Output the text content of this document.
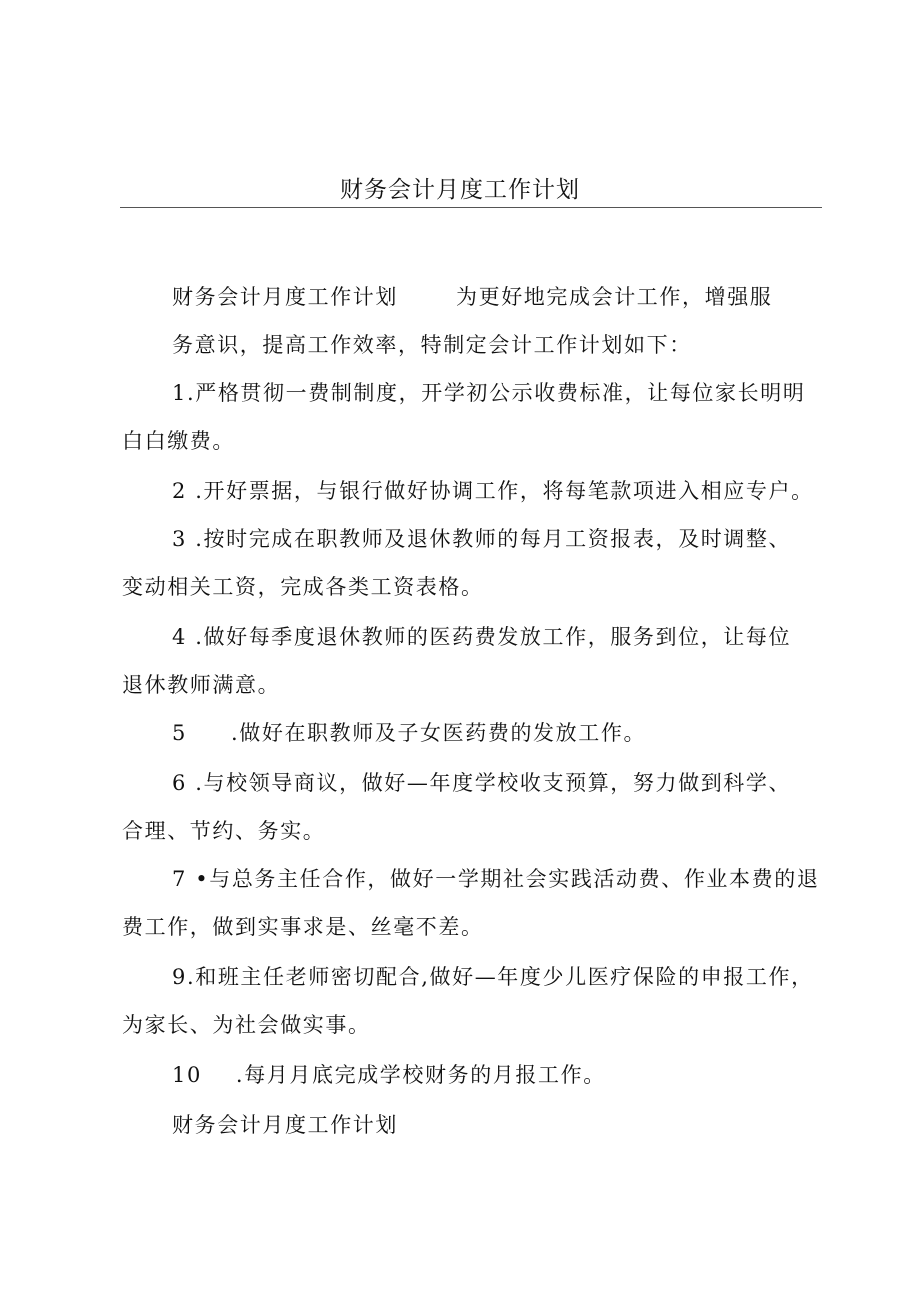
财务会计月度工作计划
财务会计月度工作计划	为更好地完成会计工作，增强服
务意识，提高工作效率，特制定会计工作计划如下：
1.严格贯彻一费制制度，开学初公示收费标准，让每位家长明明
白白缴费。
2 .开好票据，与银行做好协调工作，将每笔款项进入相应专户。
3 .按时完成在职教师及退休教师的每月工资报表，及时调整、
变动相关工资，完成各类工资表格。
4 .做好每季度退休教师的医药费发放工作，服务到位，让每位
退休教师满意。
5 .做好在职教师及子女医药费的发放工作。
6 .与校领导商议，做好—年度学校收支预算，努力做到科学、
合理、节约、务实。
7 •与总务主任合作，做好一学期社会实践活动费、作业本费的退
费工作，做到实事求是、丝毫不差。
9.和班主任老师密切配合,做好—年度少儿医疗保险的申报工作，
为家长、为社会做实事。
10 .每月月底完成学校财务的月报工作。
财务会计月度工作计划
